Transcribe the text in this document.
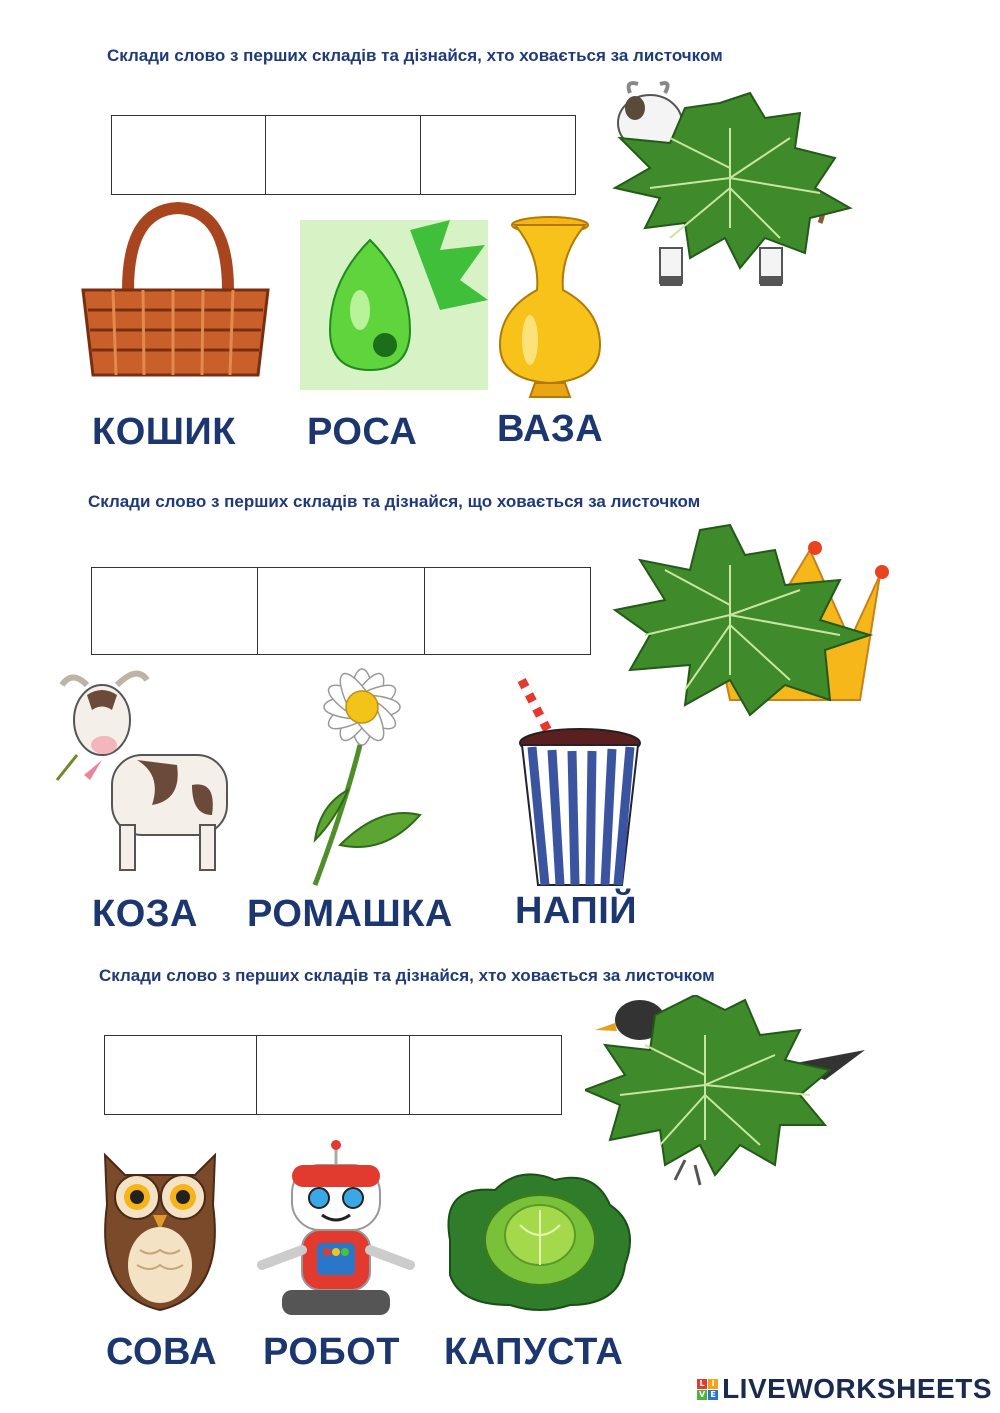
Склади слово з перших складів та дізнайся, хто ховається за листочком
КОШИК РОСА ВАЗА
Склади слово з перших складів та дізнайся, що ховається за листочком
КОЗА РОМАШКА НАПІЙ
Склади слово з перших складів та дізнайся, хто ховається за листочком
СОВА РОБОТ КАПУСТА
L I
V E LIVEWORKSHEETS
